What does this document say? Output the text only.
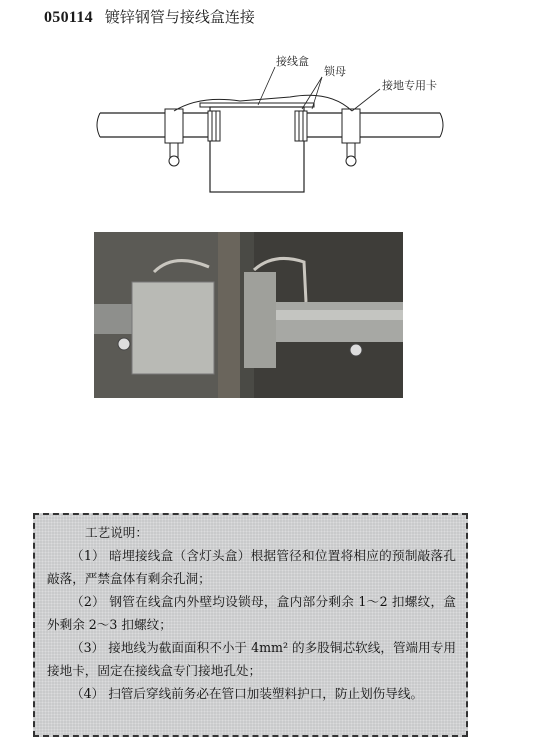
050114 镀锌钢管与接线盒连接
接线盒
锁母
接地专用卡
工艺说明：
（1） 暗埋接线盒（含灯头盒）根据管径和位置将相应的预制敲落孔敲落，严禁盒体有剩余孔洞；
（2） 钢管在线盒内外壁均设锁母，盒内部分剩余 1～2 扣螺纹，盒外剩余 2～3 扣螺纹；
（3） 接地线为截面面积不小于 4mm² 的多股铜芯软线，管端用专用接地卡，固定在接线盒专门接地孔处；
（4） 扫管后穿线前务必在管口加装塑料护口，防止划伤导线。
